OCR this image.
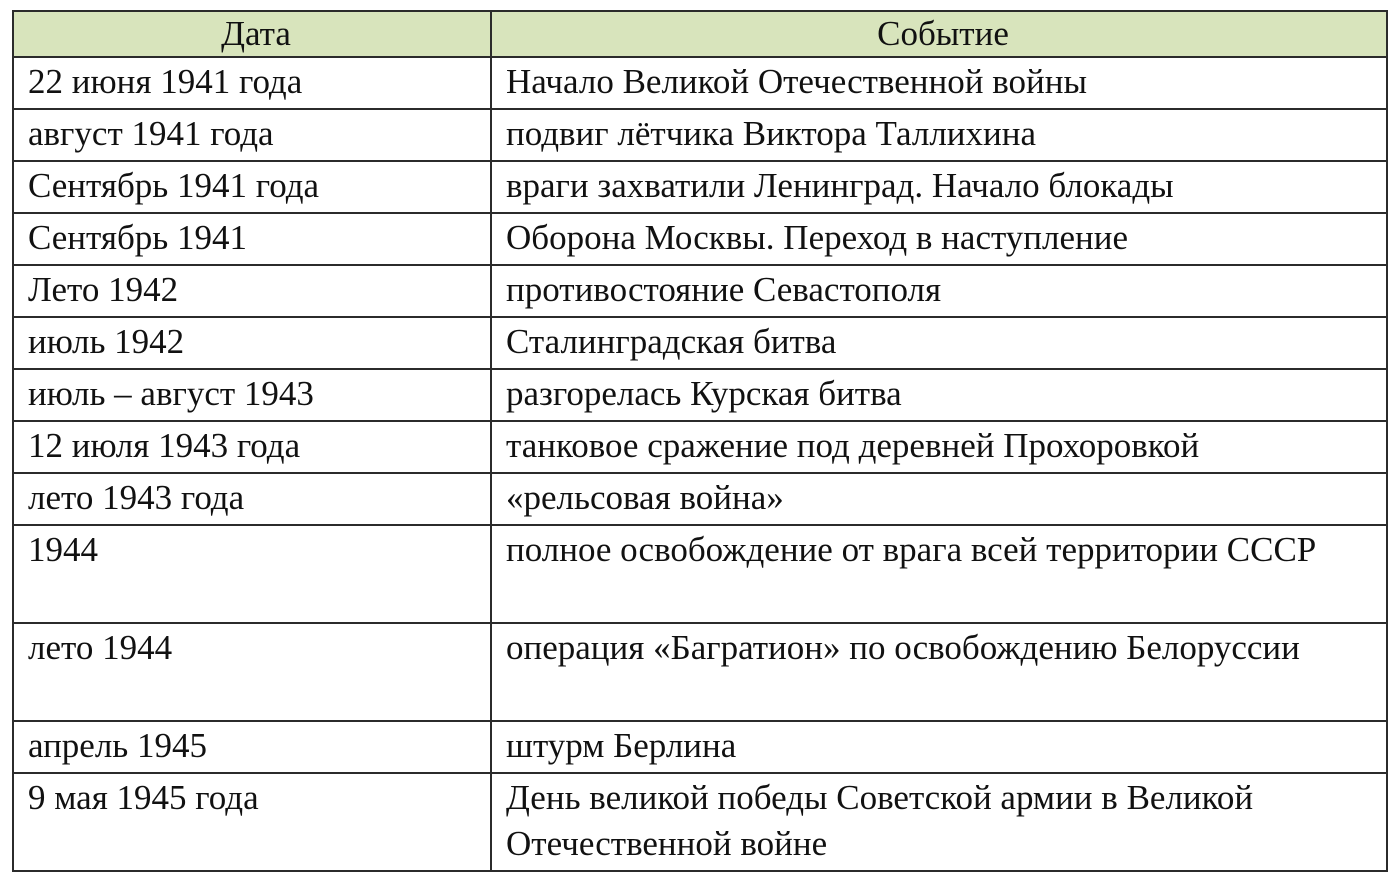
Дата	Событие
22 июня 1941 года	Начало Великой Отечественной войны
август 1941 года	подвиг лётчика Виктора Таллихина
Сентябрь 1941 года	враги захватили Ленинград. Начало блокады
Сентябрь 1941	Оборона Москвы. Переход в наступление
Лето 1942	противостояние Севастополя
июль 1942	Сталинградская битва
июль – август 1943	разгорелась Курская битва
12 июля 1943 года	танковое сражение под деревней Прохоровкой
лето 1943 года	«рельсовая война»
1944	полное освобождение от врага всей территории СССР
лето 1944	операция «Багратион» по освобождению Белоруссии
апрель 1945	штурм Берлина
9 мая 1945 года	День великой победы Советской армии в Великой Отечественной войне
